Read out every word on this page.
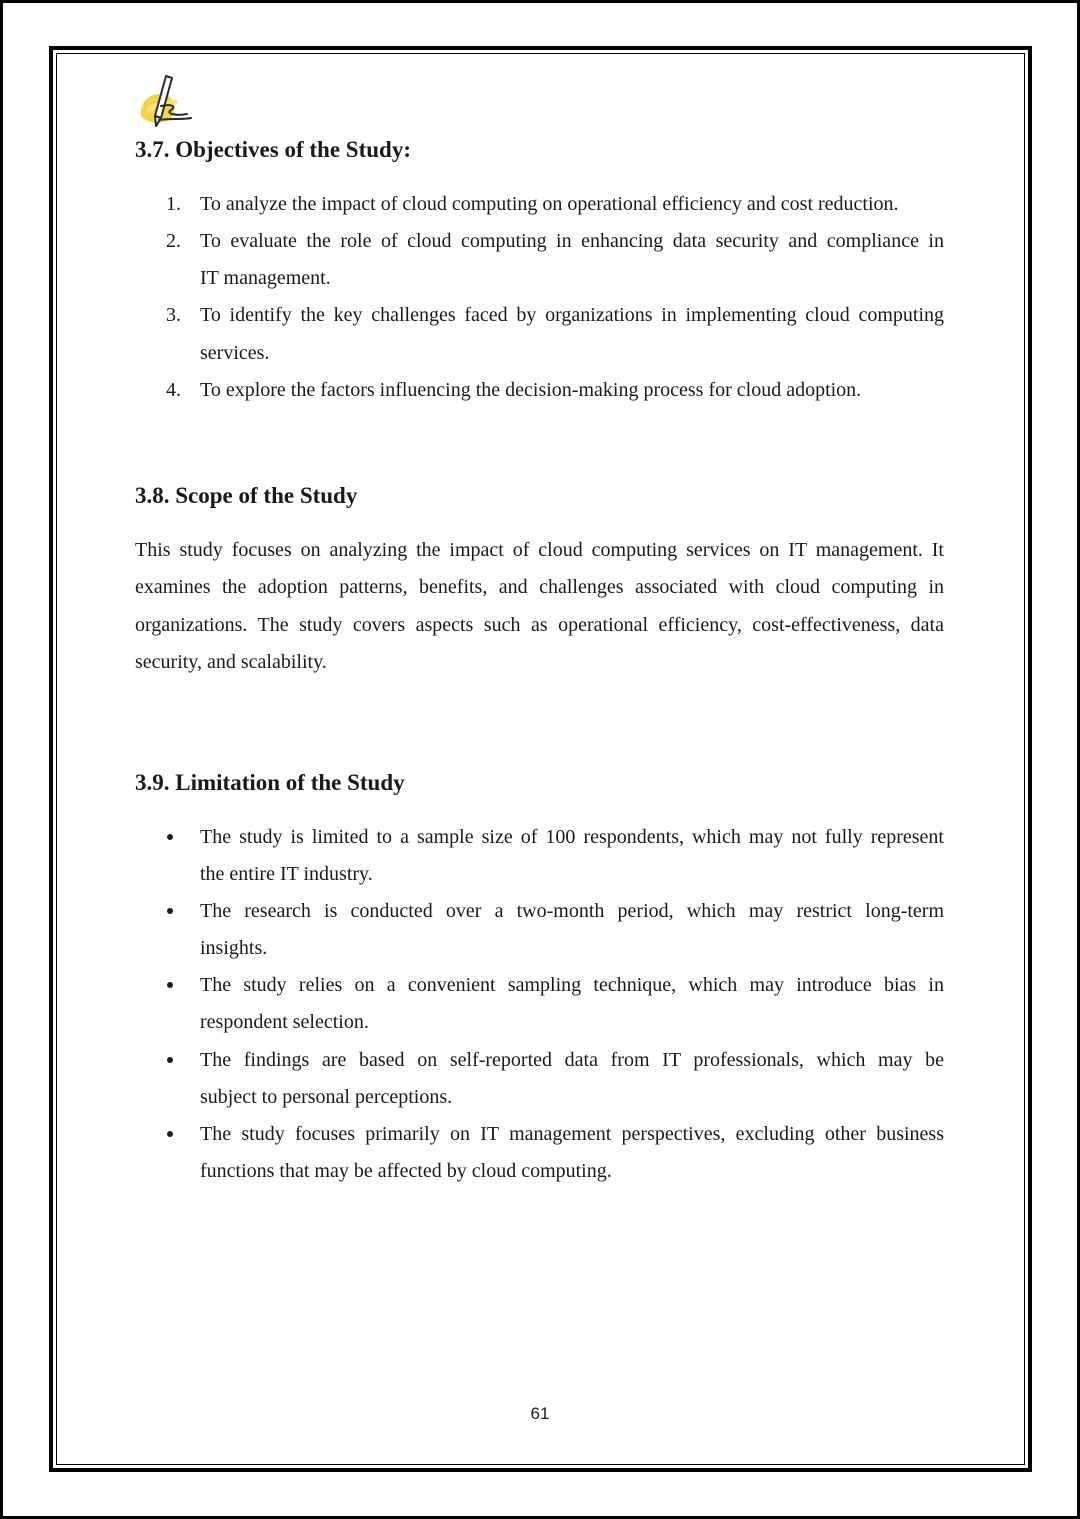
3.7. Objectives of the Study:
1. To analyze the impact of cloud computing on operational efficiency and cost reduction.
2. To evaluate the role of cloud computing in enhancing data security and compliance in
IT management.
3. To identify the key challenges faced by organizations in implementing cloud computing
services.
4. To explore the factors influencing the decision-making process for cloud adoption.
3.8. Scope of the Study
This study focuses on analyzing the impact of cloud computing services on IT management. It
examines the adoption patterns, benefits, and challenges associated with cloud computing in
organizations. The study covers aspects such as operational efficiency, cost-effectiveness, data
security, and scalability.
3.9. Limitation of the Study
The study is limited to a sample size of 100 respondents, which may not fully represent
the entire IT industry.
The research is conducted over a two-month period, which may restrict long-term
insights.
The study relies on a convenient sampling technique, which may introduce bias in
respondent selection.
The findings are based on self-reported data from IT professionals, which may be
subject to personal perceptions.
The study focuses primarily on IT management perspectives, excluding other business
functions that may be affected by cloud computing.
61
